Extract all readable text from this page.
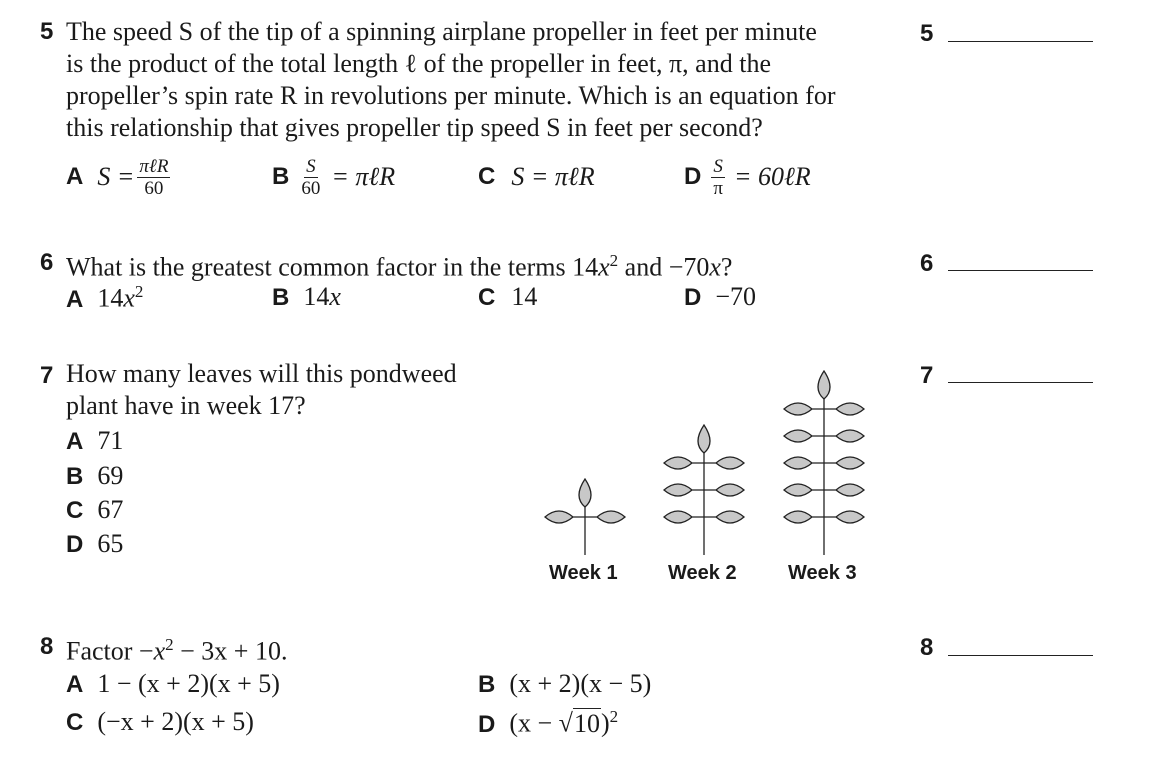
5 The speed S of the tip of a spinning airplane propeller in feet per minute
is the product of the total length ℓ of the propeller in feet, π, and the
propeller’s spin rate R in revolutions per minute. Which is an equation for
this relationship that gives propeller tip speed S in feet per second?
A $S = \frac{\text{πℓR}}{60}$	B $\frac{S}{60}$ = πℓR	C S = πℓR	D $\frac{S}{\pi}$ = 60ℓR
5
6 What is the greatest common factor in the terms $14x^2$ and −70x?
A $14x^2$	B 14x	C 14	D −70
6
7 How many leaves will this pondweed
plant have in week 17?
A 71
B 69
C 67
D 65
Week 1	Week 2	Week 3
7
8 Factor $-x^2 - 3x + 10$.
A 1 − (x + 2)(x + 5)	B (x + 2)(x − 5)
C (−x + 2)(x + 5)	D $(x - √10)^2$
8
